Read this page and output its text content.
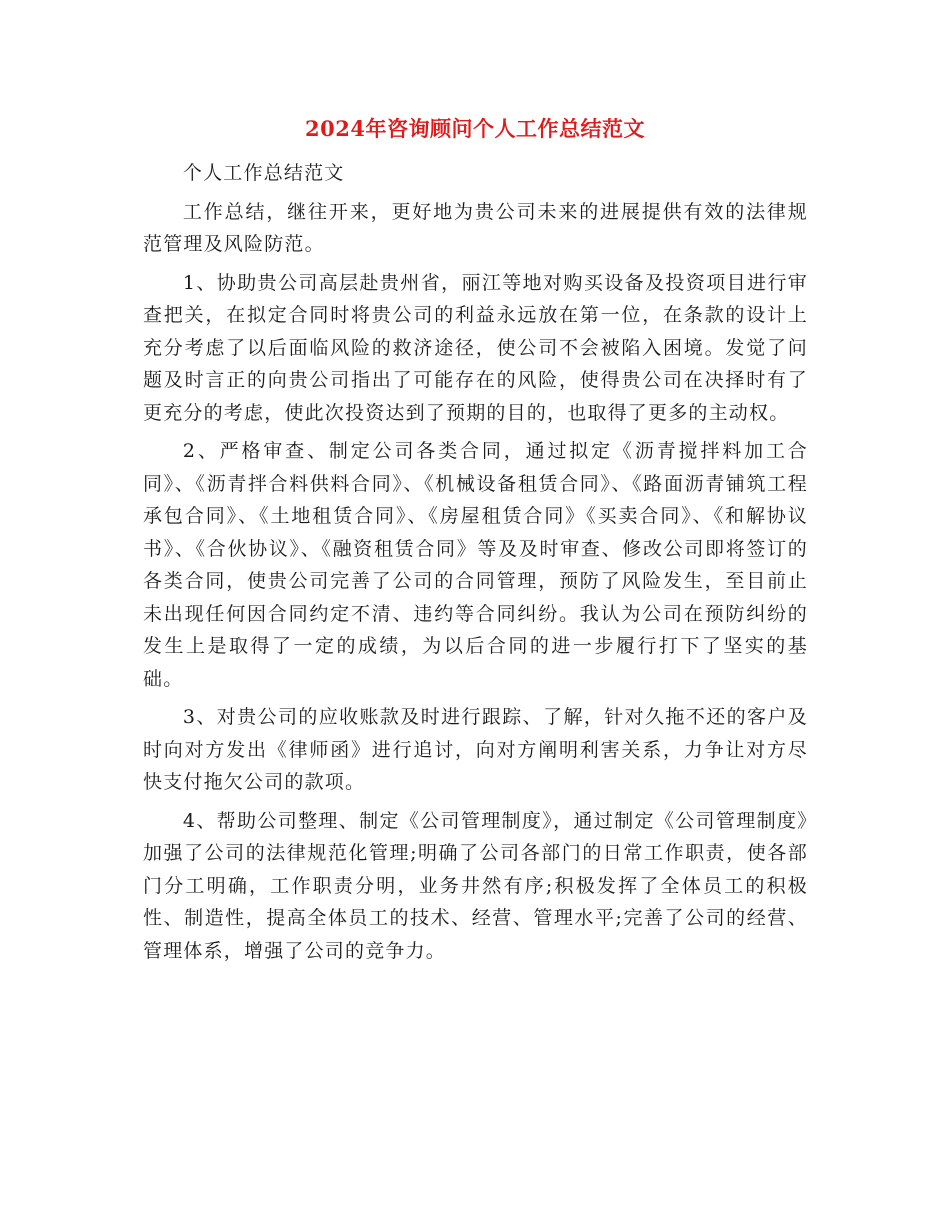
2024年咨询顾问个人工作总结范文

个人工作总结范文

工作总结，继往开来，更好地为贵公司未来的进展提供有效的法律规范管理及风险防范。

1、协助贵公司高层赴贵州省，丽江等地对购买设备及投资项目进行审查把关，在拟定合同时将贵公司的利益永远放在第一位，在条款的设计上充分考虑了以后面临风险的救济途径，使公司不会被陷入困境。发觉了问题及时言正的向贵公司指出了可能存在的风险，使得贵公司在决择时有了更充分的考虑，使此次投资达到了预期的目的，也取得了更多的主动权。

2、严格审查、制定公司各类合同，通过拟定《沥青搅拌料加工合同》、《沥青拌合料供料合同》、《机械设备租赁合同》、《路面沥青铺筑工程承包合同》、《土地租赁合同》、《房屋租赁合同》《买卖合同》、《和解协议书》、《合伙协议》、《融资租赁合同》等及及时审查、修改公司即将签订的各类合同，使贵公司完善了公司的合同管理，预防了风险发生，至目前止未出现任何因合同约定不清、违约等合同纠纷。我认为公司在预防纠纷的发生上是取得了一定的成绩，为以后合同的进一步履行打下了坚实的基础。

3、对贵公司的应收账款及时进行跟踪、了解，针对久拖不还的客户及时向对方发出《律师函》进行追讨，向对方阐明利害关系，力争让对方尽快支付拖欠公司的款项。

4、帮助公司整理、制定《公司管理制度》，通过制定《公司管理制度》加强了公司的法律规范化管理;明确了公司各部门的日常工作职责，使各部门分工明确，工作职责分明，业务井然有序;积极发挥了全体员工的积极性、制造性，提高全体员工的技术、经营、管理水平;完善了公司的经营、管理体系，增强了公司的竞争力。
